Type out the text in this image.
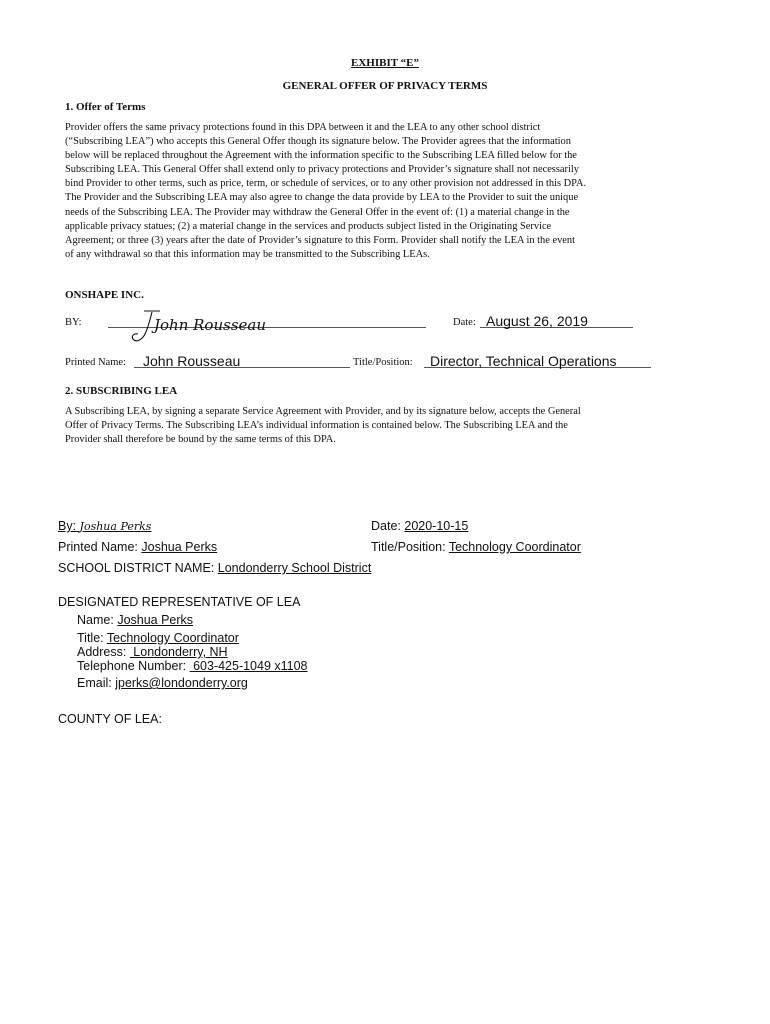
EXHIBIT “E”
GENERAL OFFER OF PRIVACY TERMS
1. Offer of Terms
Provider offers the same privacy protections found in this DPA between it and the LEA to any other school district
(“Subscribing LEA”) who accepts this General Offer though its signature below. The Provider agrees that the information
below will be replaced throughout the Agreement with the information specific to the Subscribing LEA filled below for the
Subscribing LEA. This General Offer shall extend only to privacy protections and Provider’s signature shall not necessarily
bind Provider to other terms, such as price, term, or schedule of services, or to any other provision not addressed in this DPA.
The Provider and the Subscribing LEA may also agree to change the data provide by LEA to the Provider to suit the unique
needs of the Subscribing LEA. The Provider may withdraw the General Offer in the event of: (1) a material change in the
applicable privacy statues; (2) a material change in the services and products subject listed in the Originating Service
Agreement; or three (3) years after the date of Provider’s signature to this Form. Provider shall notify the LEA in the event
of any withdrawal so that this information may be transmitted to the Subscribing LEAs.
ONSHAPE INC.
BY:	John Rousseau	Date: August 26, 2019
Printed Name: John Rousseau	Title/Position: Director, Technical Operations
2. SUBSCRIBING LEA
A Subscribing LEA, by signing a separate Service Agreement with Provider, and by its signature below, accepts the General
Offer of Privacy Terms. The Subscribing LEA’s individual information is contained below. The Subscribing LEA and the
Provider shall therefore be bound by the same terms of this DPA.
By: Joshua Perks	Date: 2020-10-15
Printed Name: Joshua Perks	Title/Position: Technology Coordinator
SCHOOL DISTRICT NAME: Londonderry School District
DESIGNATED REPRESENTATIVE OF LEA
Name: Joshua Perks
Title: Technology Coordinator
Address:  Londonderry, NH
Telephone Number:  603-425-1049 x1108
Email: jperks@londonderry.org
COUNTY OF LEA:
